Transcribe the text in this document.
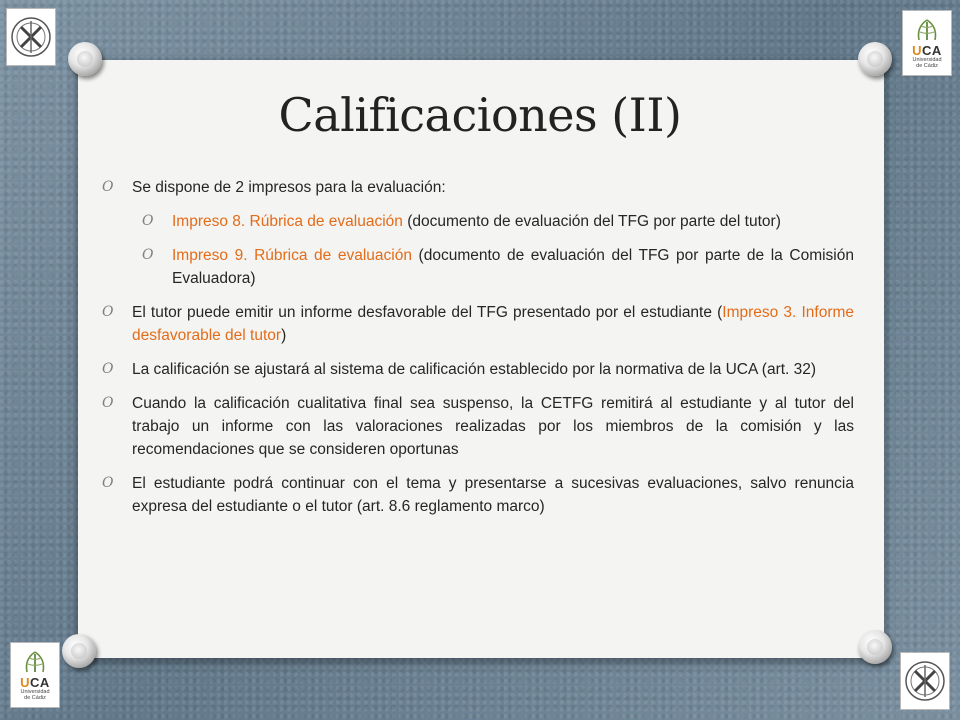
UCA
Universidad
de Cádiz
UCA
Universidad
de Cádiz
Calificaciones (II)
O Se dispone de 2 impresos para la evaluación:
O Impreso 8. Rúbrica de evaluación (documento de evaluación del TFG por parte del tutor)
O Impreso 9. Rúbrica de evaluación (documento de evaluación del TFG por parte de la Comisión Evaluadora)
O El tutor puede emitir un informe desfavorable del TFG presentado por el estudiante (Impreso 3. Informe desfavorable del tutor)
O La calificación se ajustará al sistema de calificación establecido por la normativa de la UCA (art. 32)
O Cuando la calificación cualitativa final sea suspenso, la CETFG remitirá al estudiante y al tutor del trabajo un informe con las valoraciones realizadas por los miembros de la comisión y las recomendaciones que se consideren oportunas
O El estudiante podrá continuar con el tema y presentarse a sucesivas evaluaciones, salvo renuncia expresa del estudiante o el tutor (art. 8.6 reglamento marco)
